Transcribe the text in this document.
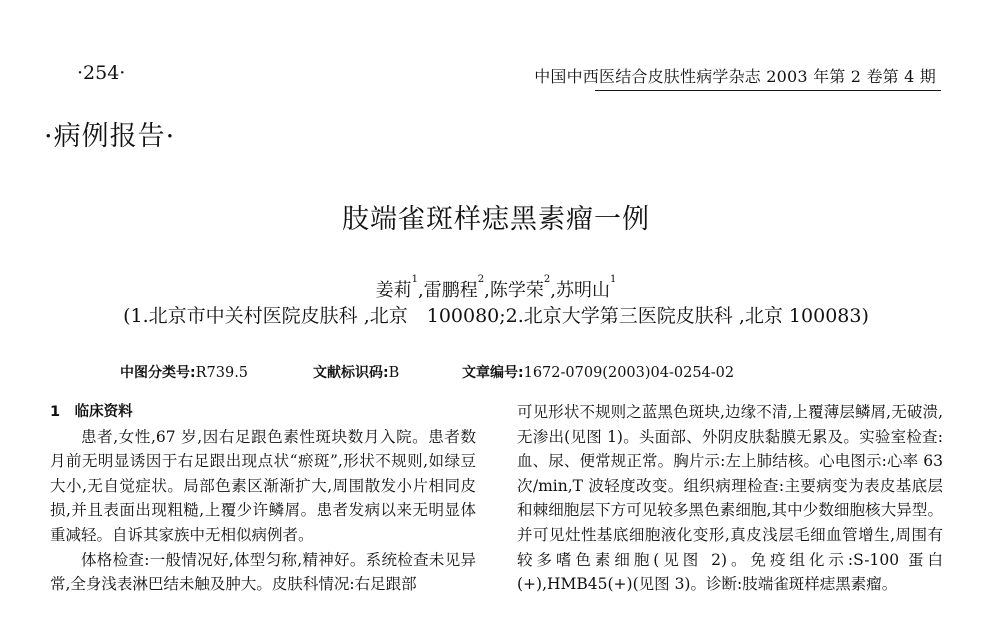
·254·	中国中西医结合皮肤性病学杂志 2003 年第 2 卷第 4 期
·病例报告·
肢端雀斑样痣黑素瘤一例
姜莉$^1$,雷鹏程$^2$,陈学荣$^2$,苏明山$^1$
(1.北京市中关村医院皮肤科 ,北京　100080;2.北京大学第三医院皮肤科 ,北京 100083)
中图分类号:R739.5	文献标识码:B	文章编号:1672-0709(2003)04-0254-02

1　临床资料

患者,女性,67 岁,因右足跟色素性斑块数月入院。患者数月前无明显诱因于右足跟出现点状“瘀斑”,形状不规则,如绿豆大小,无自觉症状。局部色素区渐渐扩大,周围散发小片相同皮损,并且表面出现粗糙,上覆少许鳞屑。患者发病以来无明显体重减轻。自诉其家族中无相似病例者。

体格检查:一般情况好,体型匀称,精神好。系统检查未见异常,全身浅表淋巴结未触及肿大。皮肤科情况:右足跟部

可见形状不规则之蓝黑色斑块,边缘不清,上覆薄层鳞屑,无破溃,无渗出(见图 1)。头面部、外阴皮肤黏膜无累及。实验室检查:血、尿、便常规正常。胸片示:左上肺结核。心电图示:心率 63 次/min,T 波轻度改变。组织病理检查:主要病变为表皮基底层和棘细胞层下方可见较多黑色素细胞,其中少数细胞核大异型。并可见灶性基底细胞液化变形,真皮浅层毛细血管增生,周围有较多嗜色素细胞(见图 2)。免疫组化示:S-100 蛋白(+),HMB45(+)(见图 3)。诊断:肢端雀斑样痣黑素瘤。
